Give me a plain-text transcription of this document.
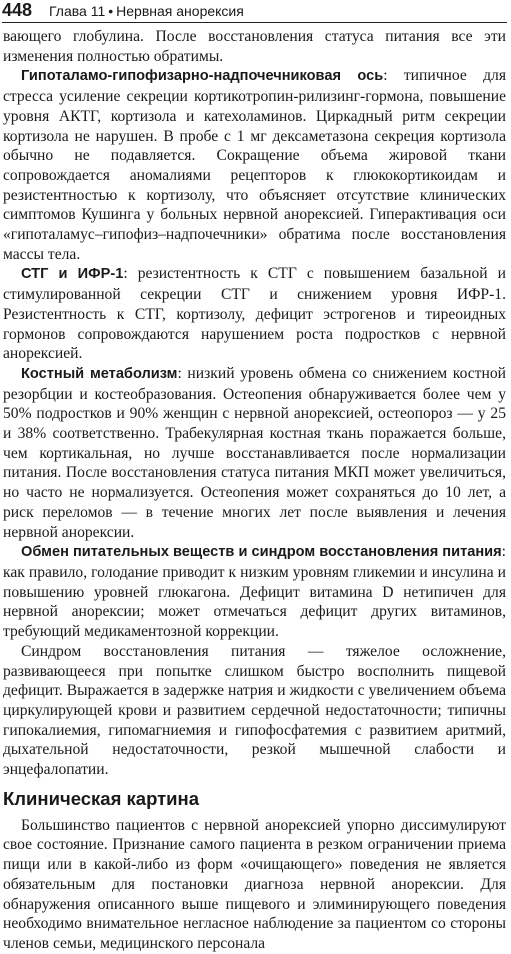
448 Глава 11 • Нервная анорексия

вающего глобулина. После восстановления статуса питания все эти изменения полностью обратимы.

Гипоталамо-гипофизарно-надпочечниковая ось: типичное для стресса усиление секреции кортикотропин-рилизинг-гормона, повышение уровня АКТГ, кортизола и катехоламинов. Циркадный ритм секреции кортизола не нарушен. В пробе с 1 мг дексаметазона секреция кортизола обычно не подавляется. Сокращение объема жировой ткани сопровождается аномалиями рецепторов к глюкокортикоидам и резистентностью к кортизолу, что объясняет отсутствие клинических симптомов Кушинга у больных нервной анорексией. Гиперактивация оси «гипоталамус–гипофиз–надпочечники» обратима после восстановления массы тела.

СТГ и ИФР-1: резистентность к СТГ с повышением базальной и стимулированной секреции СТГ и снижением уровня ИФР-1. Резистентность к СТГ, кортизолу, дефицит эстрогенов и тиреоидных гормонов сопровождаются нарушением роста подростков с нервной анорексией.

Костный метаболизм: низкий уровень обмена со снижением костной резорбции и костеобразования. Остеопения обнаруживается более чем у 50% подростков и 90% женщин с нервной анорексией, остеопороз — у 25 и 38% соответственно. Трабекулярная костная ткань поражается больше, чем кортикальная, но лучше восстанавливается после нормализации питания. После восстановления статуса питания МКП может увеличиться, но часто не нормализуется. Остеопения может сохраняться до 10 лет, а риск переломов — в течение многих лет после выявления и лечения нервной анорексии.

Обмен питательных веществ и синдром восстановления питания: как правило, голодание приводит к низким уровням гликемии и инсулина и повышению уровней глюкагона. Дефицит витамина D нетипичен для нервной анорексии; может отмечаться дефицит других витаминов, требующий медикаментозной коррекции.

Синдром восстановления питания — тяжелое осложнение, развивающееся при попытке слишком быстро восполнить пищевой дефицит. Выражается в задержке натрия и жидкости с увеличением объема циркулирующей крови и развитием сердечной недостаточности; типичны гипокалиемия, гипомагниемия и гипофосфатемия с развитием аритмий, дыхательной недостаточности, резкой мышечной слабости и энцефалопатии.

Клиническая картина

Большинство пациентов с нервной анорексией упорно диссимулируют свое состояние. Признание самого пациента в резком ограничении приема пищи или в какой-либо из форм «очищающего» поведения не является обязательным для постановки диагноза нервной анорексии. Для обнаружения описанного выше пищевого и элиминирующего поведения необходимо внимательное негласное наблюдение за пациентом со стороны членов семьи, медицинского персонала
